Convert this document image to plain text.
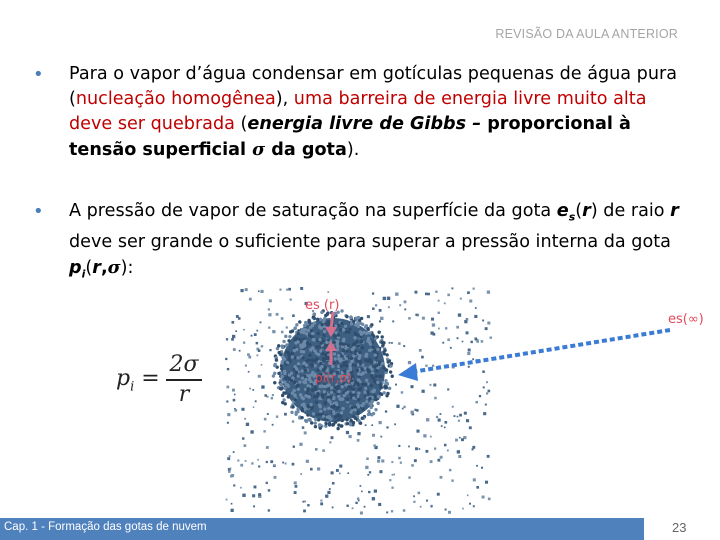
REVISÃO DA AULA ANTERIOR
• Para o vapor d’água condensar em gotículas pequenas de água pura (nucleação homogênea), uma barreira de energia livre muito alta deve ser quebrada (energia livre de Gibbs – proporcional à tensão superficial σ da gota).
• A pressão de vapor de saturação na superfície da gota $e_s(r)$ de raio r deve ser grande o suficiente para superar a pressão interna da gota $p_i(r,\sigma)$:
es (r)
es(∞)
pi(r,σ)
$p_i$ =
2σ
r
Cap. 1 - Formação das gotas de nuvem	23
